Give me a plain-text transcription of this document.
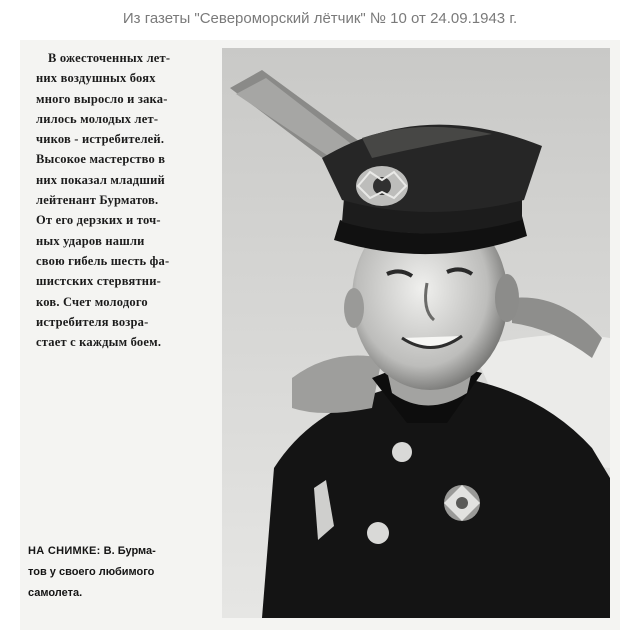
Из газеты "Североморский лётчик" № 10 от 24.09.1943 г.
В ожесточенных лет-
них воздушных боях
много выросло и зака-
лилось молодых лет-
чиков - истребителей.
Высокое мастерство в
них показал младший
лейтенант Бурматов.
От его дерзких и точ-
ных ударов нашли
свою гибель шесть фа-
шистских стервятни-
ков. Счет молодого
истребителя возра-
стает с каждым боем.
НА СНИМКЕ: В. Бурма-
тов у своего любимого
самолета.
